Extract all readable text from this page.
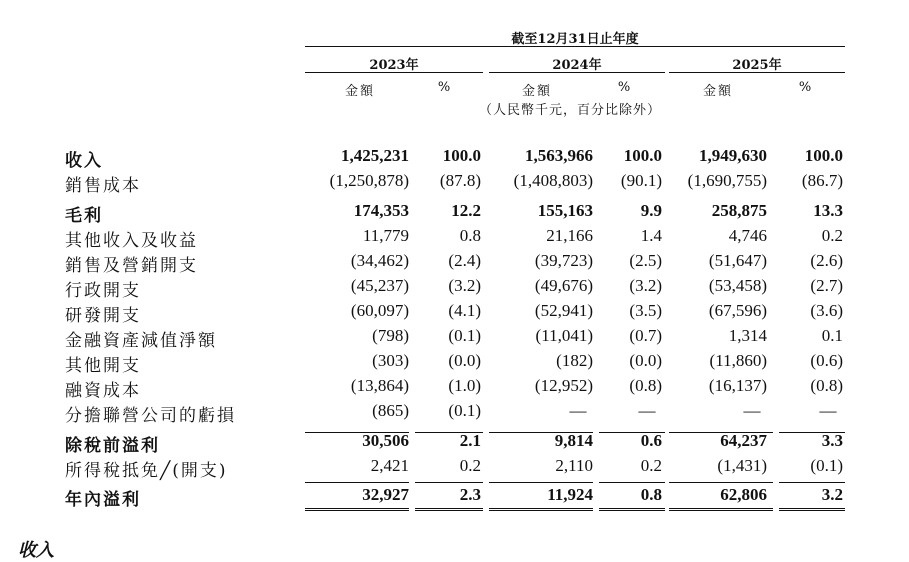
截至12月31日止年度
2023年	2024年	2025年
金額	%	金額	%	金額	%
（人民幣千元，百分比除外）
收入	1,425,231	100.0	1,563,966	100.0	1,949,630	100.0
銷售成本	(1,250,878)	(87.8)	(1,408,803)	(90.1)	(1,690,755)	(86.7)
毛利	174,353	12.2	155,163	9.9	258,875	13.3
其他收入及收益	11,779	0.8	21,166	1.4	4,746	0.2
銷售及營銷開支	(34,462)	(2.4)	(39,723)	(2.5)	(51,647)	(2.6)
行政開支	(45,237)	(3.2)	(49,676)	(3.2)	(53,458)	(2.7)
研發開支	(60,097)	(4.1)	(52,941)	(3.5)	(67,596)	(3.6)
金融資產減值淨額	(798)	(0.1)	(11,041)	(0.7)	1,314	0.1
其他開支	(303)	(0.0)	(182)	(0.0)	(11,860)	(0.6)
融資成本	(13,864)	(1.0)	(12,952)	(0.8)	(16,137)	(0.8)
分擔聯營公司的虧損	(865)	(0.1)	—	—	—	—
除稅前溢利	30,506	2.1	9,814	0.6	64,237	3.3
所得稅抵免╱(開支)	2,421	0.2	2,110	0.2	(1,431)	(0.1)
年內溢利	32,927	2.3	11,924	0.8	62,806	3.2
收入
